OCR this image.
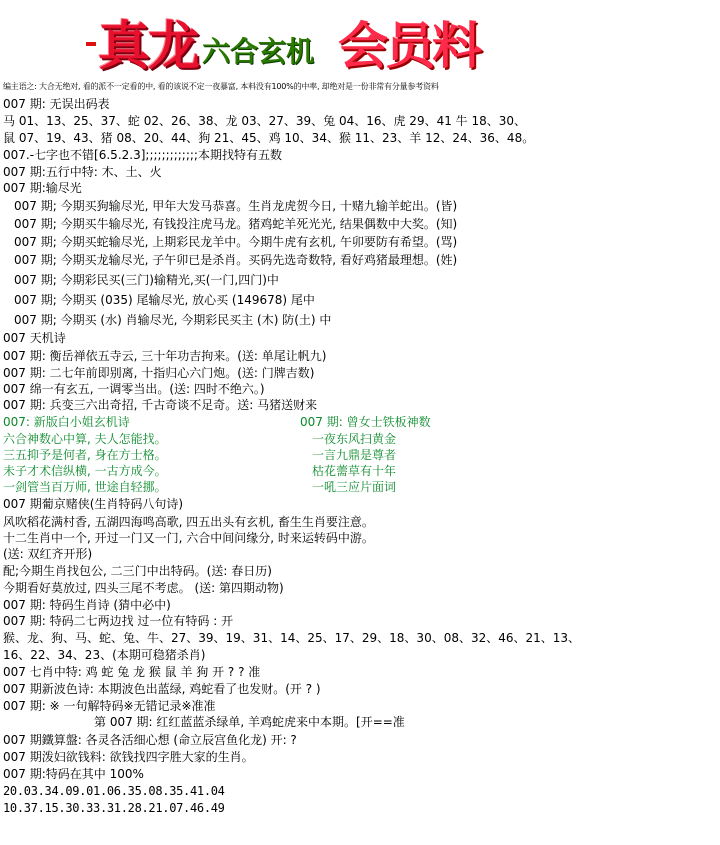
真龙 六合玄机 会员料
编主语之: 大合无绝对, 看的派不一定看的中, 看的该说不定一夜暴富, 本料没有100%的中率, 却绝对是一份非常有分量参考资料
007 期: 无误出码表
马 01、13、25、37、蛇 02、26、38、龙 03、27、39、兔 04、16、虎 29、41 牛 18、30、
鼠 07、19、43、猪 08、20、44、狗 21、45、鸡 10、34、猴 11、23、羊 12、24、36、48。
007.-七字也不错[6.5.2.3];;;;;;;;;;;;;本期找特有五数
007 期:五行中特: 木、土、火
007 期:输尽光
007 期; 今期买狗输尽光, 甲年大发马恭喜。生肖龙虎贺今日, 十赌九输羊蛇出。(皆)
007 期; 今期买牛输尽光, 有钱投注虎马龙。猪鸡蛇羊死光光, 结果偶数中大奖。(知)
007 期; 今期买蛇输尽光, 上期彩民龙羊中。今期牛虎有玄机, 午卯要防有希望。(骂)
007 期; 今期买龙输尽光, 子午卯已是杀肖。买码先选奇数特, 看好鸡猪最理想。(姓)
007 期; 今期彩民买(三门)输精光,买(一门,四门)中
007 期; 今期买 (035) 尾输尽光, 放心买 (149678) 尾中
007 期; 今期买 (水) 肖输尽光, 今期彩民买主 (木) 防(土) 中
007 天机诗
007 期: 衡岳禅依五寺云, 三十年功吉拘来。(送: 单尾让帆九)
007 期: 二七年前即别离, 十指归心六门炮。(送: 门牌吉数)
007 绵一有玄五, 一调零当出。(送: 四时不绝六。)
007 期: 兵变三六出奇招, 千古奇谈不足奇。送: 马猪送财来
007: 新版白小姐玄机诗	007 期: 曾女士铁板神数
六合神数心中算, 夫人怎能找。	一夜东风扫黄金
三五抑予是何者, 身在方士格。	一言九鼎是尊者
未子才术信纵横, 一古方成今。	枯花薷草有十年
一剑管当百万师, 世途自轻挪。	一吼三应片面词
007 期葡京赌侠(生肖特码八句诗)
风吹稻花满村香, 五湖四海鸣高歌, 四五出头有玄机, 畜生生肖要注意。
十二生肖中一个, 开过一门又一门, 六合中间问缘分, 时来运转码中游。
(送: 双红齐开形)
配;今期生肖找包公, 二三门中出特码。(送: 春日历)
今期看好莫放过, 四头三尾不考虑。 (送: 第四期动物)
007 期: 特码生肖诗 (猜中必中)
007 期: 特码二七两边找 过一位有特码 : 开
猴、龙、狗、马、蛇、兔、牛、27、39、19、31、14、25、17、29、18、30、08、32、46、21、13、
16、22、34、23、(本期可稳猪杀肖)
007 七肖中特: 鸡 蛇 兔 龙 猴 鼠 羊 狗 开 ? ? 准
007 期新波色诗: 本期波色出蓝绿, 鸡蛇看了也发财。(开 ? )
007 期: ※ 一句解特码※无错记录※准准
第 007 期: 红红蓝蓝杀绿单, 羊鸡蛇虎来中本期。[开==准
007 期鐵算盤: 各灵各活细心想 (命立辰宫鱼化龙) 开: ?
007 期泼妇欲钱料: 欲钱找四字胜大家的生肖。
007 期:特码在其中 100%
20.03.34.09.01.06.35.08.35.41.04
10.37.15.30.33.31.28.21.07.46.49
